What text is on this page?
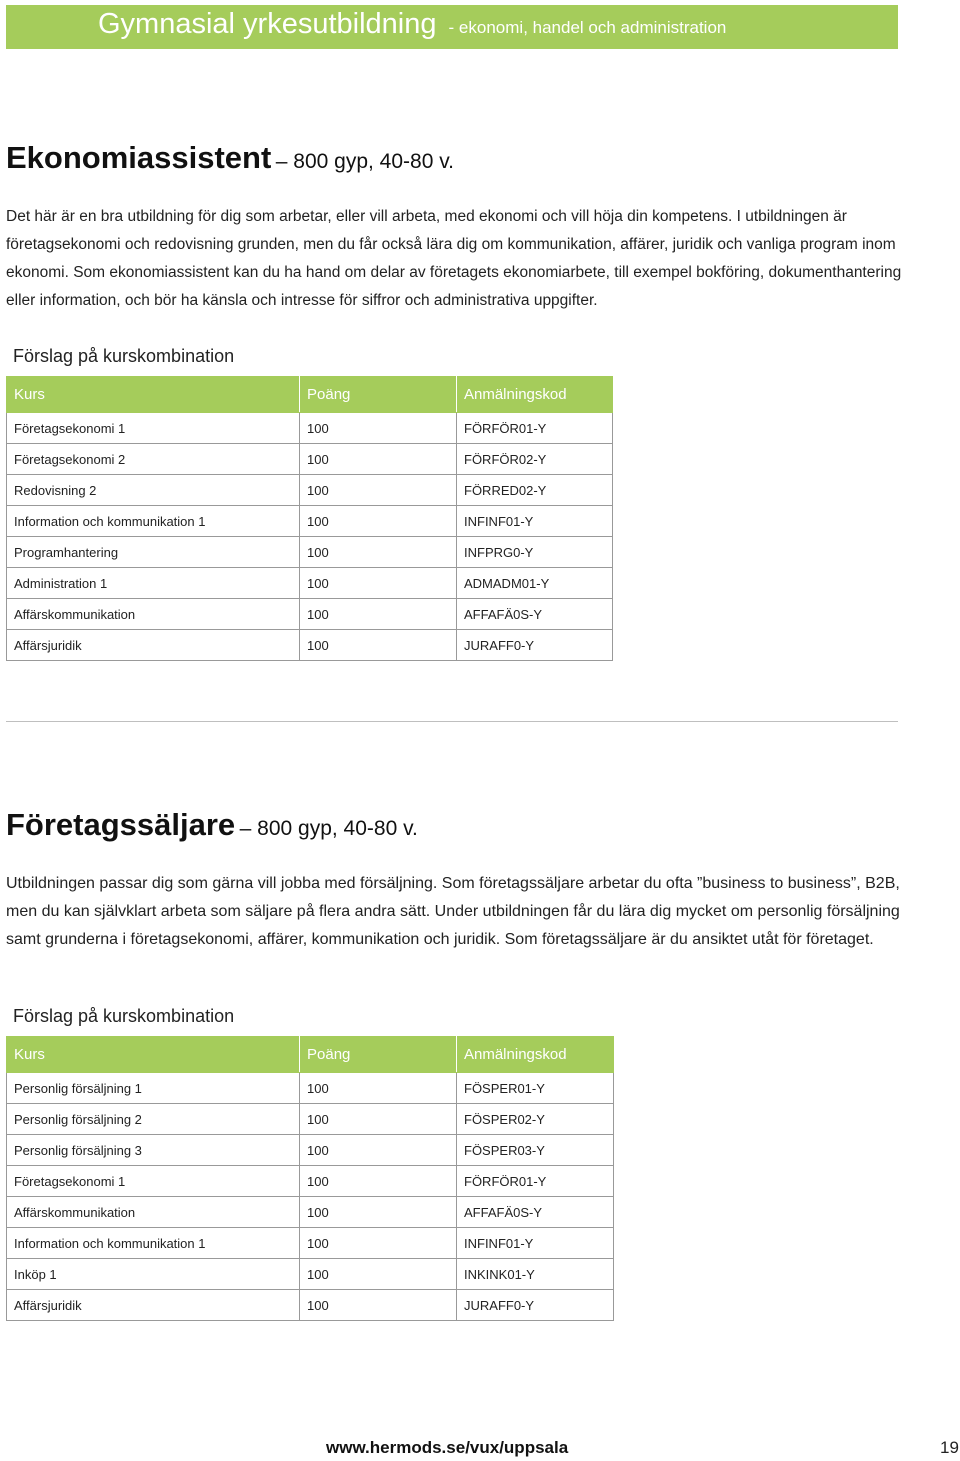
Gymnasial yrkesutbildning - ekonomi, handel och administration
Ekonomiassistent – 800 gyp, 40-80 v.
Det här är en bra utbildning för dig som arbetar, eller vill arbeta, med ekonomi och vill höja din kompetens. I utbildningen är företagsekonomi och redovisning grunden, men du får också lära dig om kommunikation, affärer, juridik och vanliga program inom ekonomi. Som ekonomiassistent kan du ha hand om delar av företagets ekonomiarbete, till exempel bokföring, dokumenthantering eller information, och bör ha känsla och intresse för siffror och administrativa uppgifter.
Förslag på kurskombination
Kurs	Poäng	Anmälningskod
Företagsekonomi 1	100	FÖRFÖR01-Y
Företagsekonomi 2	100	FÖRFÖR02-Y
Redovisning 2	100	FÖRRED02-Y
Information och kommunikation 1	100	INFINF01-Y
Programhantering	100	INFPRG0-Y
Administration 1	100	ADMADM01-Y
Affärskommunikation	100	AFFAFÄ0S-Y
Affärsjuridik	100	JURAFF0-Y
Företagssäljare – 800 gyp, 40-80 v.
Utbildningen passar dig som gärna vill jobba med försäljning. Som företagssäljare arbetar du ofta ”business to business”, B2B, men du kan självklart arbeta som säljare på flera andra sätt. Under utbildningen får du lära dig mycket om personlig försäljning samt grunderna i företagsekonomi, affärer, kommunikation och juridik. Som företagssäljare är du ansiktet utåt för företaget.
Förslag på kurskombination
Kurs	Poäng	Anmälningskod
Personlig försäljning 1	100	FÖSPER01-Y
Personlig försäljning 2	100	FÖSPER02-Y
Personlig försäljning 3	100	FÖSPER03-Y
Företagsekonomi 1	100	FÖRFÖR01-Y
Affärskommunikation	100	AFFAFÄ0S-Y
Information och kommunikation 1	100	INFINF01-Y
Inköp 1	100	INKINK01-Y
Affärsjuridik	100	JURAFF0-Y
www.hermods.se/vux/uppsala	19
